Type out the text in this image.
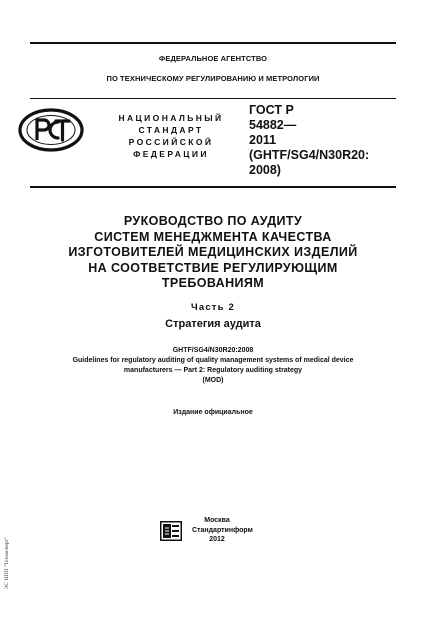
ФЕДЕРАЛЬНОЕ АГЕНТСТВО
ПО ТЕХНИЧЕСКОМУ РЕГУЛИРОВАНИЮ И МЕТРОЛОГИИ
НАЦИОНАЛЬНЫЙ
СТАНДАРТ
РОССИЙСКОЙ
ФЕДЕРАЦИИ
ГОСТ Р
54882—
2011
(GHTF/SG4/N30R20:
2008)
РУКОВОДСТВО ПО АУДИТУ
СИСТЕМ МЕНЕДЖМЕНТА КАЧЕСТВА
ИЗГОТОВИТЕЛЕЙ МЕДИЦИНСКИХ ИЗДЕЛИЙ
НА СООТВЕТСТВИЕ РЕГУЛИРУЮЩИМ
ТРЕБОВАНИЯМ
Часть 2
Стратегия аудита
GHTF/SG4/N30R20:2008
Guidelines for regulatory auditing of quality management systems of medical device
manufacturers — Part 2: Regulatory auditing strategy
(MOD)
Издание официальное
Москва
Стандартинформ
2012
ЭС НПП "Техэксперт"
